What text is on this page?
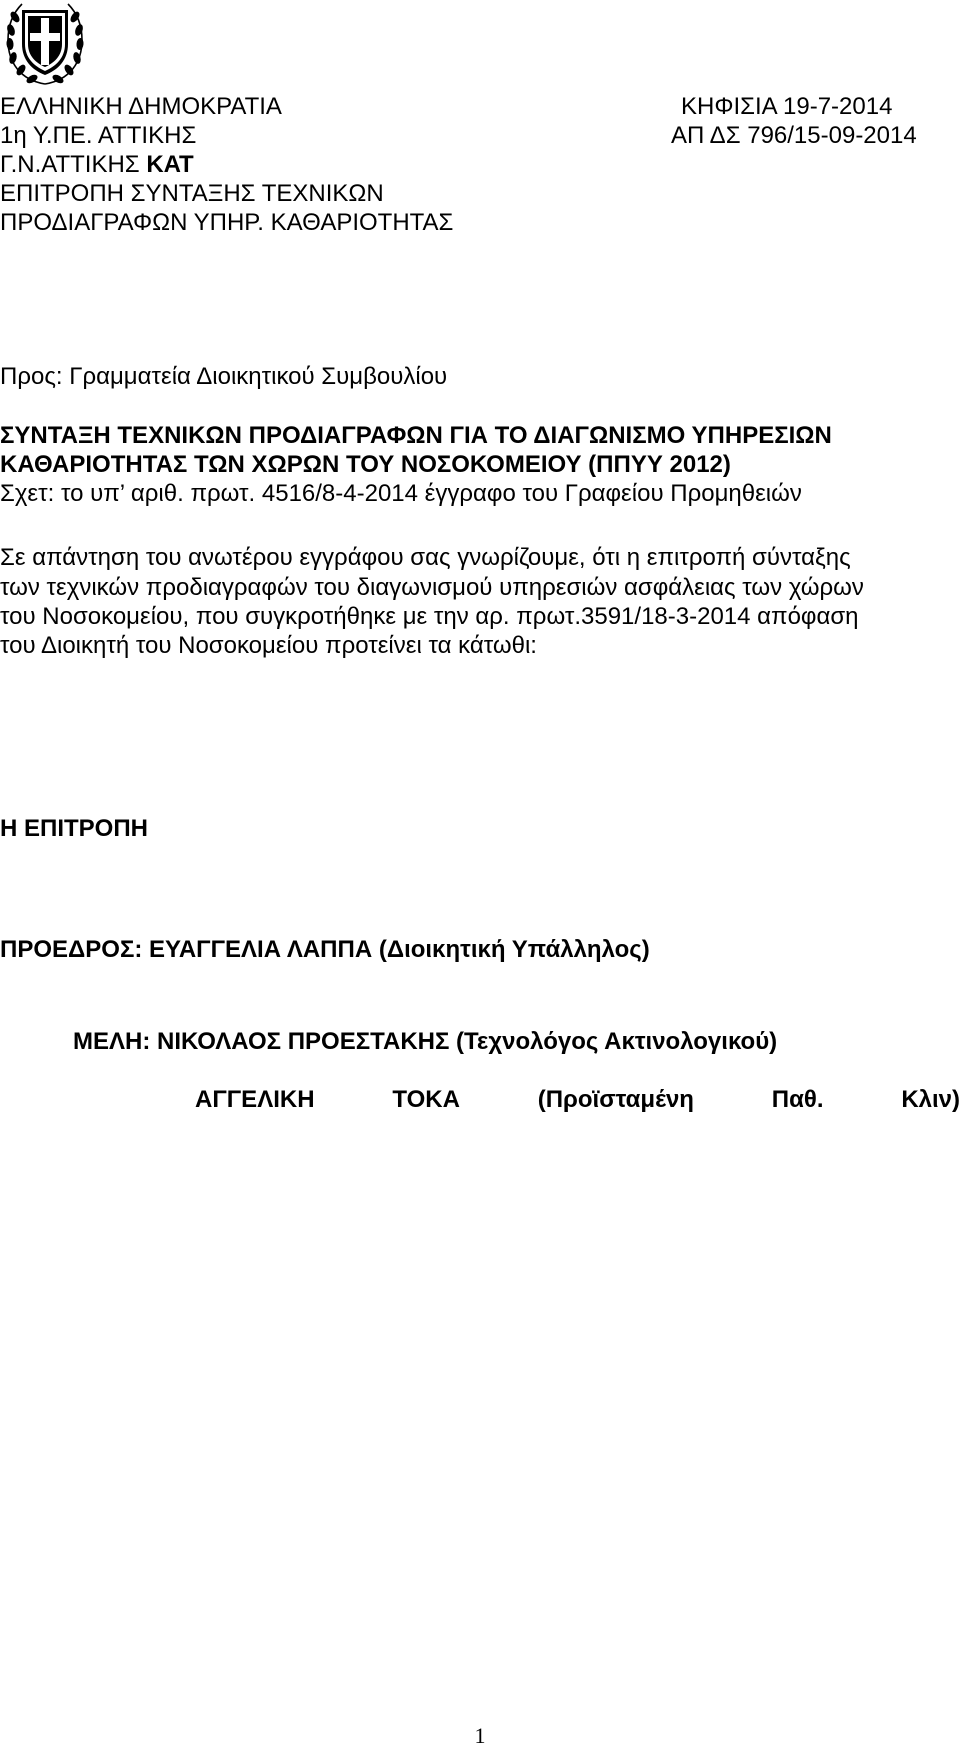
ΕΛΛΗΝΙΚΗ ΔΗΜΟΚΡΑΤΙΑ
1η Υ.ΠΕ. ΑΤΤΙΚΗΣ
Γ.Ν.ΑΤΤΙΚΗΣ ΚΑΤ
ΕΠΙΤΡΟΠΗ ΣΥΝΤΑΞΗΣ ΤΕΧΝΙΚΩΝ
ΠΡΟΔΙΑΓΡΑΦΩΝ ΥΠΗΡ. ΚΑΘΑΡΙΟΤΗΤΑΣ
ΚΗΦΙΣΙΑ 19-7-2014
ΑΠ ΔΣ 796/15-09-2014
Προς: Γραμματεία Διοικητικού Συμβουλίου
ΣΥΝΤΑΞΗ ΤΕΧΝΙΚΩΝ ΠΡΟΔΙΑΓΡΑΦΩΝ ΓΙΑ ΤΟ ΔΙΑΓΩΝΙΣΜΟ ΥΠΗΡΕΣΙΩΝ
ΚΑΘΑΡΙΟΤΗΤΑΣ ΤΩΝ ΧΩΡΩΝ ΤΟΥ ΝΟΣΟΚΟΜΕΙΟΥ (ΠΠΥΥ 2012)
Σχετ: το υπ’ αριθ. πρωτ. 4516/8-4-2014 έγγραφο του Γραφείου Προμηθειών
Σε απάντηση του ανωτέρου εγγράφου σας γνωρίζουμε, ότι η επιτροπή σύνταξης
των τεχνικών προδιαγραφών του διαγωνισμού υπηρεσιών ασφάλειας των χώρων
του Νοσοκομείου, που συγκροτήθηκε με την αρ. πρωτ.3591/18-3-2014 απόφαση
του Διοικητή του Νοσοκομείου προτείνει τα κάτωθι:
Η ΕΠΙΤΡΟΠΗ
ΠΡΟΕΔΡΟΣ: ΕΥΑΓΓΕΛΙΑ ΛΑΠΠΑ (Διοικητική Υπάλληλος)
ΜΕΛΗ: ΝΙΚΟΛΑΟΣ ΠΡΟΕΣΤΑΚΗΣ (Τεχνολόγος Ακτινολογικού)
ΑΓΓΕΛΙΚΗ	ΤΟΚΑ	(Προϊσταμένη	Παθ.	Κλιν)
1
